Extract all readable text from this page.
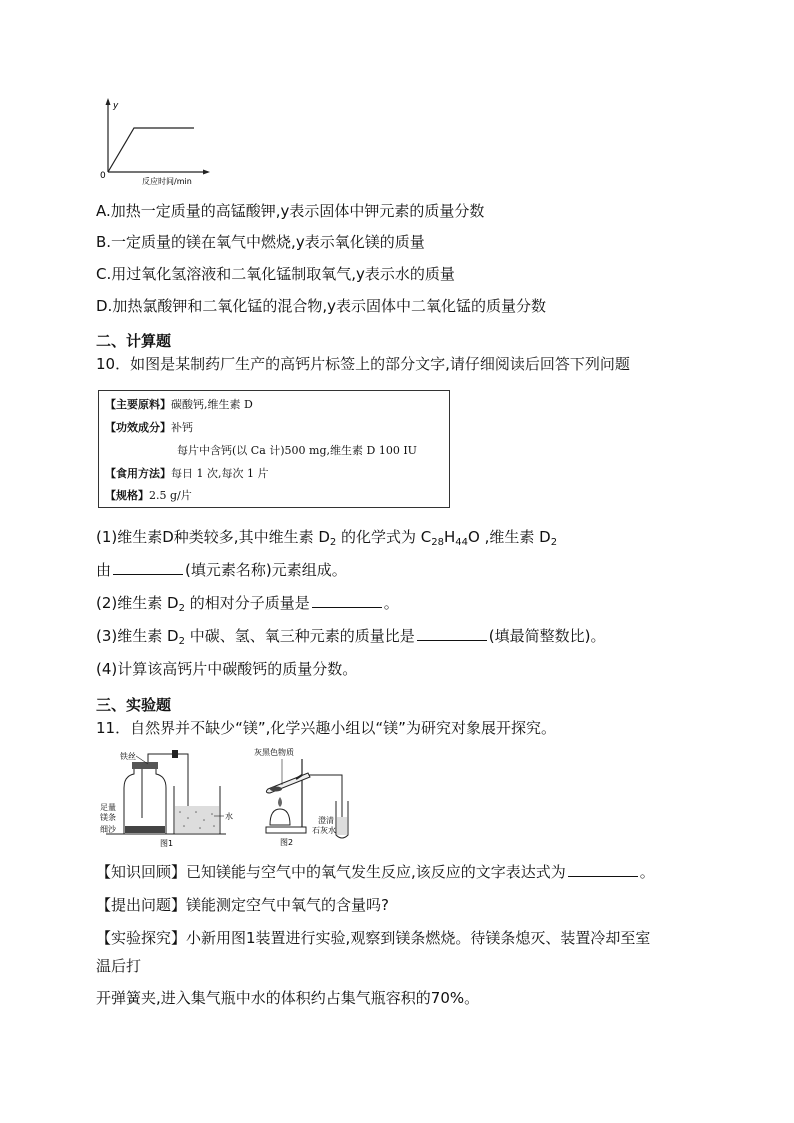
y
0
反应时间/min
A.加热一定质量的高锰酸钾,y表示固体中钾元素的质量分数
B.一定质量的镁在氧气中燃烧,y表示氧化镁的质量
C.用过氧化氢溶液和二氧化锰制取氧气,y表示水的质量
D.加热氯酸钾和二氧化锰的混合物,y表示固体中二氧化锰的质量分数
二、计算题
10．如图是某制药厂生产的高钙片标签上的部分文字,请仔细阅读后回答下列问题
【主要原料】碳酸钙,维生素 D
【功效成分】补钙
每片中含钙(以 Ca 计)500 mg,维生素 D 100 IU
【食用方法】每日 1 次,每次 1 片
【规格】2.5 g/片
(1)维生素D种类较多,其中维生素 $D_2$ 的化学式为 $C_{28}H_{44}O$ ,维生素 $D_2$
由	(填元素名称)元素组成。
(2)维生素 $D_2$ 的相对分子质量是	。
(3)维生素 $D_2$ 中碳、氢、氧三种元素的质量比是	(填最简整数比)。
(4)计算该高钙片中碳酸钙的质量分数。
三、实验题
11．自然界并不缺少“镁”,化学兴趣小组以“镁”为研究对象展开探究。
铁丝
足量
镁条
细沙
水
图1
灰黑色物质
澄清
石灰水
图2
【知识回顾】已知镁能与空气中的氧气发生反应,该反应的文字表达式为	。
【提出问题】镁能测定空气中氧气的含量吗?
【实验探究】小新用图1装置进行实验,观察到镁条燃烧。待镁条熄灭、装置冷却至室
温后打
开弹簧夹,进入集气瓶中水的体积约占集气瓶容积的70%。
